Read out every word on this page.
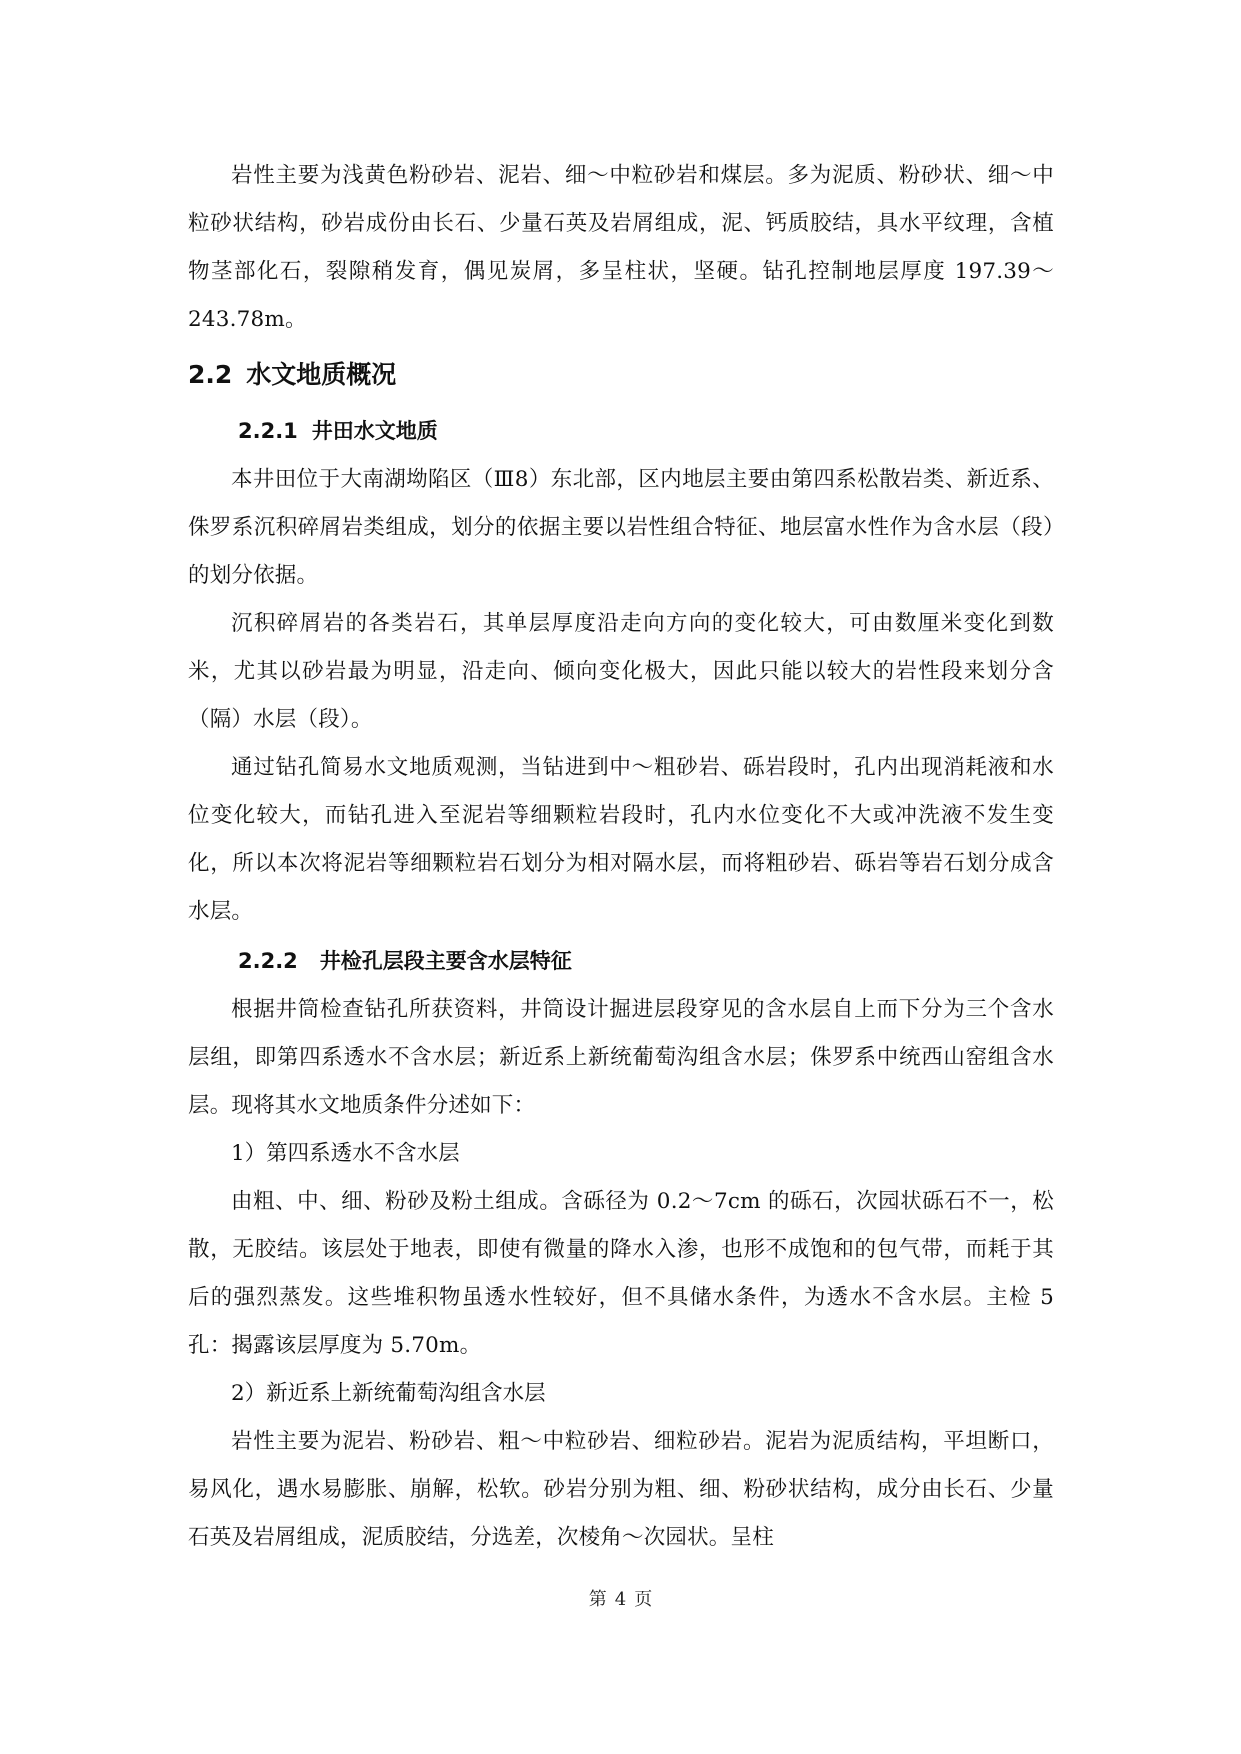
岩性主要为浅黄色粉砂岩、泥岩、细～中粒砂岩和煤层。多为泥质、粉砂状、细～中粒砂状结构，砂岩成份由长石、少量石英及岩屑组成，泥、钙质胶结，具水平纹理，含植物茎部化石，裂隙稍发育，偶见炭屑，多呈柱状，坚硬。钻孔控制地层厚度 197.39～243.78m。

2.2 水文地质概况
2.2.1 井田水文地质

本井田位于大南湖坳陷区（Ⅲ8）东北部，区内地层主要由第四系松散岩类、新近系、侏罗系沉积碎屑岩类组成，划分的依据主要以岩性组合特征、地层富水性作为含水层（段）的划分依据。

沉积碎屑岩的各类岩石，其单层厚度沿走向方向的变化较大，可由数厘米变化到数米，尤其以砂岩最为明显，沿走向、倾向变化极大，因此只能以较大的岩性段来划分含（隔）水层（段）。

通过钻孔简易水文地质观测，当钻进到中～粗砂岩、砾岩段时，孔内出现消耗液和水位变化较大，而钻孔进入至泥岩等细颗粒岩段时，孔内水位变化不大或冲洗液不发生变化，所以本次将泥岩等细颗粒岩石划分为相对隔水层，而将粗砂岩、砾岩等岩石划分成含水层。

2.2.2 井检孔层段主要含水层特征

根据井筒检查钻孔所获资料，井筒设计掘进层段穿见的含水层自上而下分为三个含水层组，即第四系透水不含水层；新近系上新统葡萄沟组含水层；侏罗系中统西山窑组含水层。现将其水文地质条件分述如下：

1）第四系透水不含水层

由粗、中、细、粉砂及粉土组成。含砾径为 0.2～7cm 的砾石，次园状砾石不一，松散，无胶结。该层处于地表，即使有微量的降水入渗，也形不成饱和的包气带，而耗于其后的强烈蒸发。这些堆积物虽透水性较好，但不具储水条件，为透水不含水层。主检 5 孔：揭露该层厚度为 5.70m。

2）新近系上新统葡萄沟组含水层

岩性主要为泥岩、粉砂岩、粗～中粒砂岩、细粒砂岩。泥岩为泥质结构，平坦断口，易风化，遇水易膨胀、崩解，松软。砂岩分别为粗、细、粉砂状结构，成分由长石、少量石英及岩屑组成，泥质胶结，分选差，次棱角～次园状。呈柱

第 4 页
